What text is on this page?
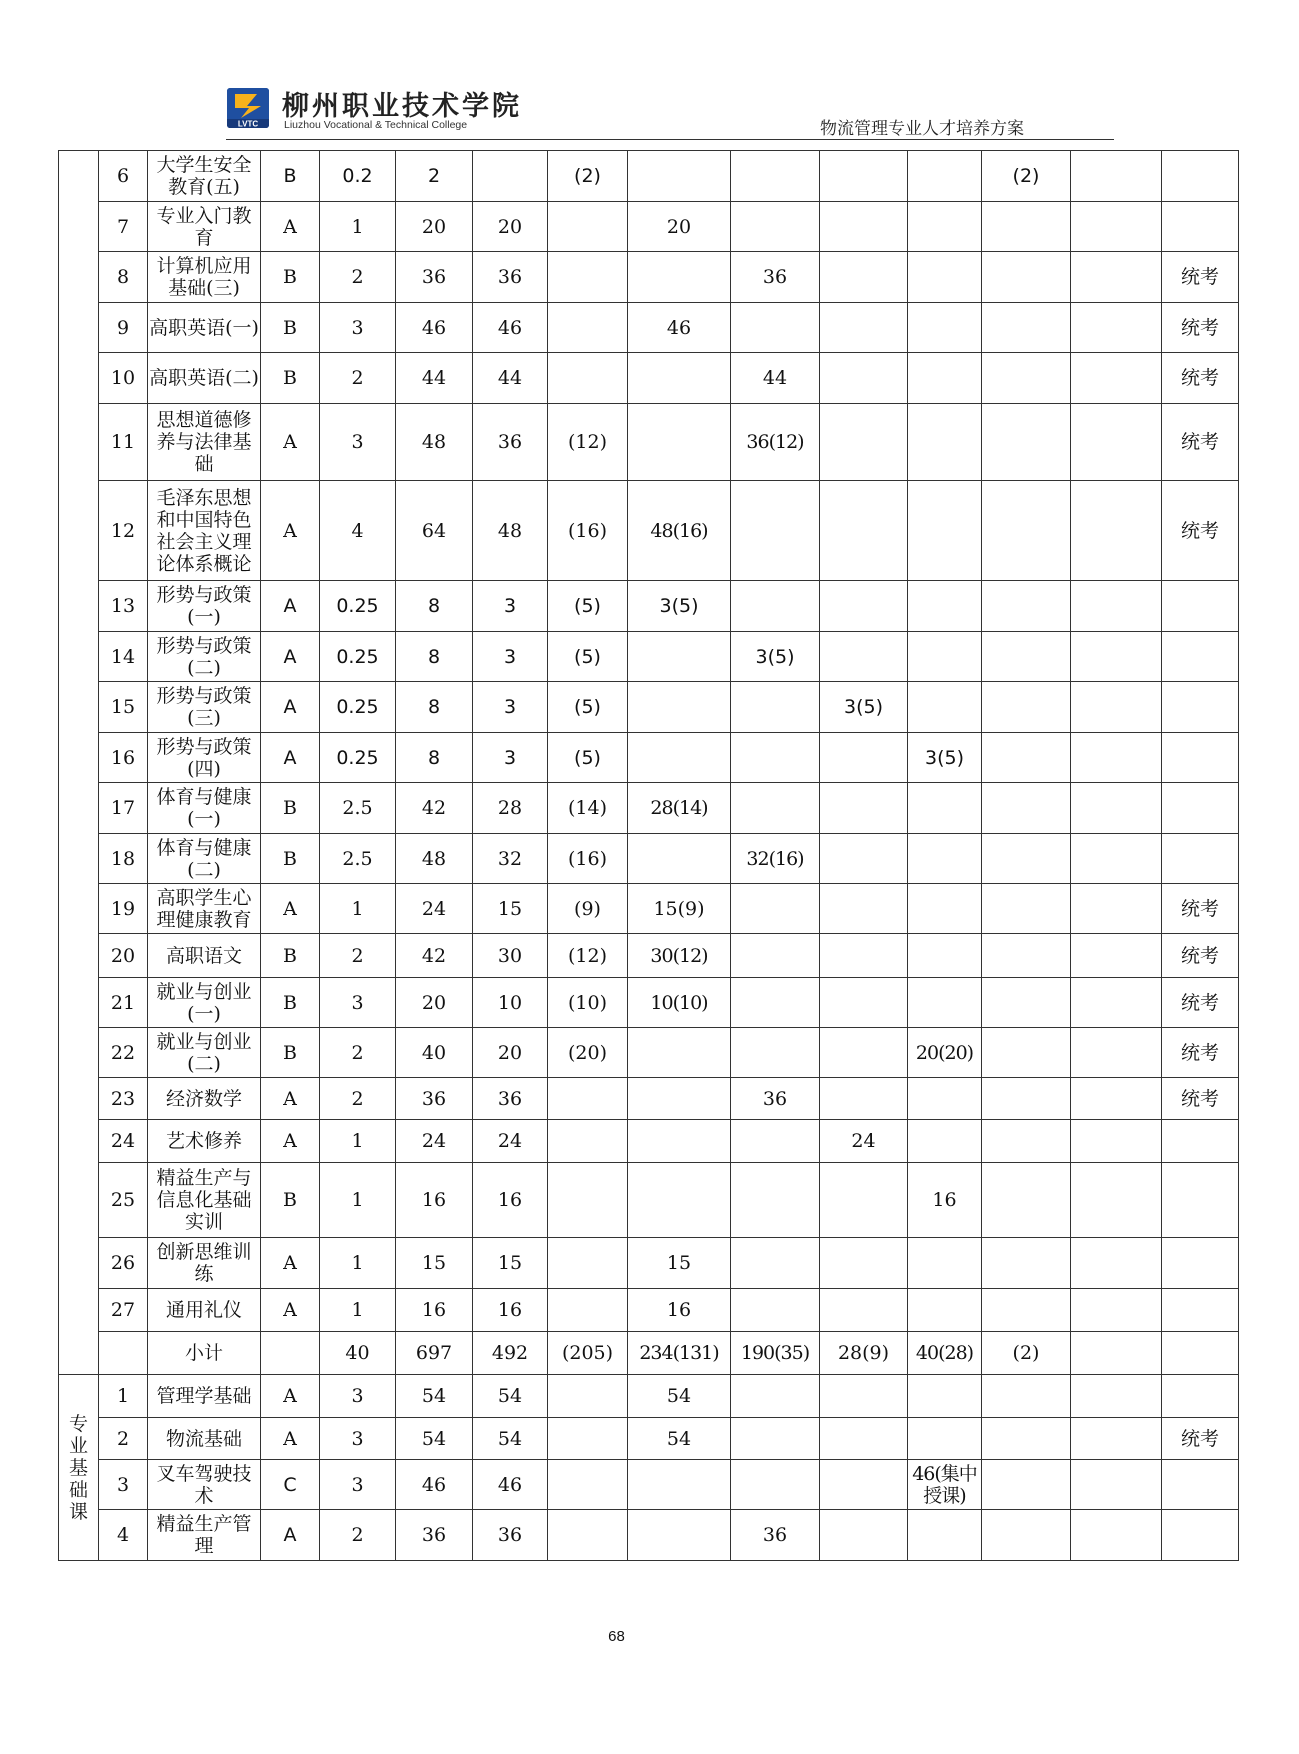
LVTC
柳州职业技术学院
Liuzhou Vocational & Technical College	物流管理专业人才培养方案
	6	大学生安全教育(五)	B	0.2	2		(2)					(2)		
	7	专业入门教育	A	1	20	20		20						
	8	计算机应用基础(三)	B	2	36	36			36					统考
	9	高职英语(一)	B	3	46	46		46						统考
	10	高职英语(二)	B	2	44	44			44					统考
	11	思想道德修养与法律基础	A	3	48	36	(12)		36(12)					统考
	12	毛泽东思想和中国特色社会主义理论体系概论	A	4	64	48	(16)	48(16)						统考
	13	形势与政策(一)	A	0.25	8	3	(5)	3(5)						
	14	形势与政策(二)	A	0.25	8	3	(5)		3(5)					
	15	形势与政策(三)	A	0.25	8	3	(5)			3(5)				
	16	形势与政策(四)	A	0.25	8	3	(5)				3(5)			
	17	体育与健康(一)	B	2.5	42	28	(14)	28(14)						
	18	体育与健康(二)	B	2.5	48	32	(16)		32(16)					
	19	高职学生心理健康教育	A	1	24	15	(9)	15(9)						统考
	20	高职语文	B	2	42	30	(12)	30(12)						统考
	21	就业与创业(一)	B	3	20	10	(10)	10(10)						统考
	22	就业与创业(二)	B	2	40	20	(20)				20(20)			统考
	23	经济数学	A	2	36	36			36					统考
	24	艺术修养	A	1	24	24				24				
	25	精益生产与信息化基础实训	B	1	16	16					16			
	26	创新思维训练	A	1	15	15		15						
	27	通用礼仪	A	1	16	16		16						
		小计		40	697	492	(205)	234(131)	190(35)	28(9)	40(28)	(2)		
专业基础课	1	管理学基础	A	3	54	54		54						
	2	物流基础	A	3	54	54		54						统考
	3	叉车驾驶技术	C	3	46	46					46(集中授课)			
	4	精益生产管理	A	2	36	36			36					
68
